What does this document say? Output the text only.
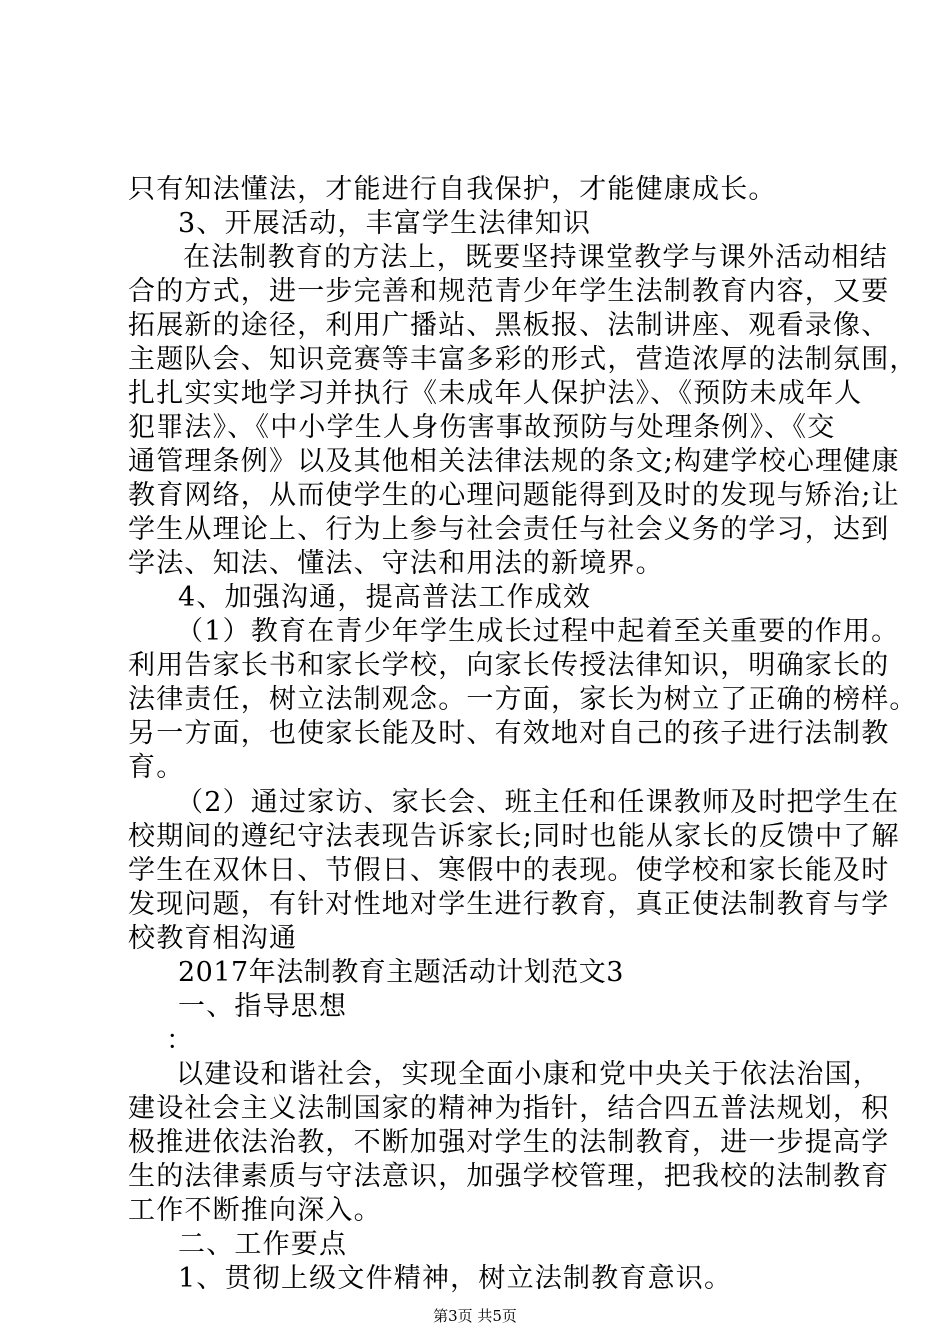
只有知法懂法，才能进行自我保护，才能健康成长。
3、开展活动，丰富学生法律知识
在法制教育的方法上，既要坚持课堂教学与课外活动相结
合的方式，进一步完善和规范青少年学生法制教育内容，又要
拓展新的途径，利用广播站、黑板报、法制讲座、观看录像、
主题队会、知识竞赛等丰富多彩的形式，营造浓厚的法制氛围，
扎扎实实地学习并执行《未成年人保护法》、《预防未成年人
犯罪法》、《中小学生人身伤害事故预防与处理条例》、《交
通管理条例》以及其他相关法律法规的条文;构建学校心理健康
教育网络，从而使学生的心理问题能得到及时的发现与矫治;让
学生从理论上、行为上参与社会责任与社会义务的学习，达到
学法、知法、懂法、守法和用法的新境界。
4、加强沟通，提高普法工作成效
（1）教育在青少年学生成长过程中起着至关重要的作用。
利用告家长书和家长学校，向家长传授法律知识，明确家长的
法律责任，树立法制观念。一方面，家长为树立了正确的榜样。
另一方面，也使家长能及时、有效地对自己的孩子进行法制教
育。
（2）通过家访、家长会、班主任和任课教师及时把学生在
校期间的遵纪守法表现告诉家长;同时也能从家长的反馈中了解
学生在双休日、节假日、寒假中的表现。使学校和家长能及时
发现问题，有针对性地对学生进行教育，真正使法制教育与学
校教育相沟通
2017年法制教育主题活动计划范文3
一、指导思想
：
以建设和谐社会，实现全面小康和党中央关于依法治国，
建设社会主义法制国家的精神为指针，结合四五普法规划，积
极推进依法治教，不断加强对学生的法制教育，进一步提高学
生的法律素质与守法意识，加强学校管理，把我校的法制教育
工作不断推向深入。
二、工作要点
1、贯彻上级文件精神，树立法制教育意识。
第3页 共5页
